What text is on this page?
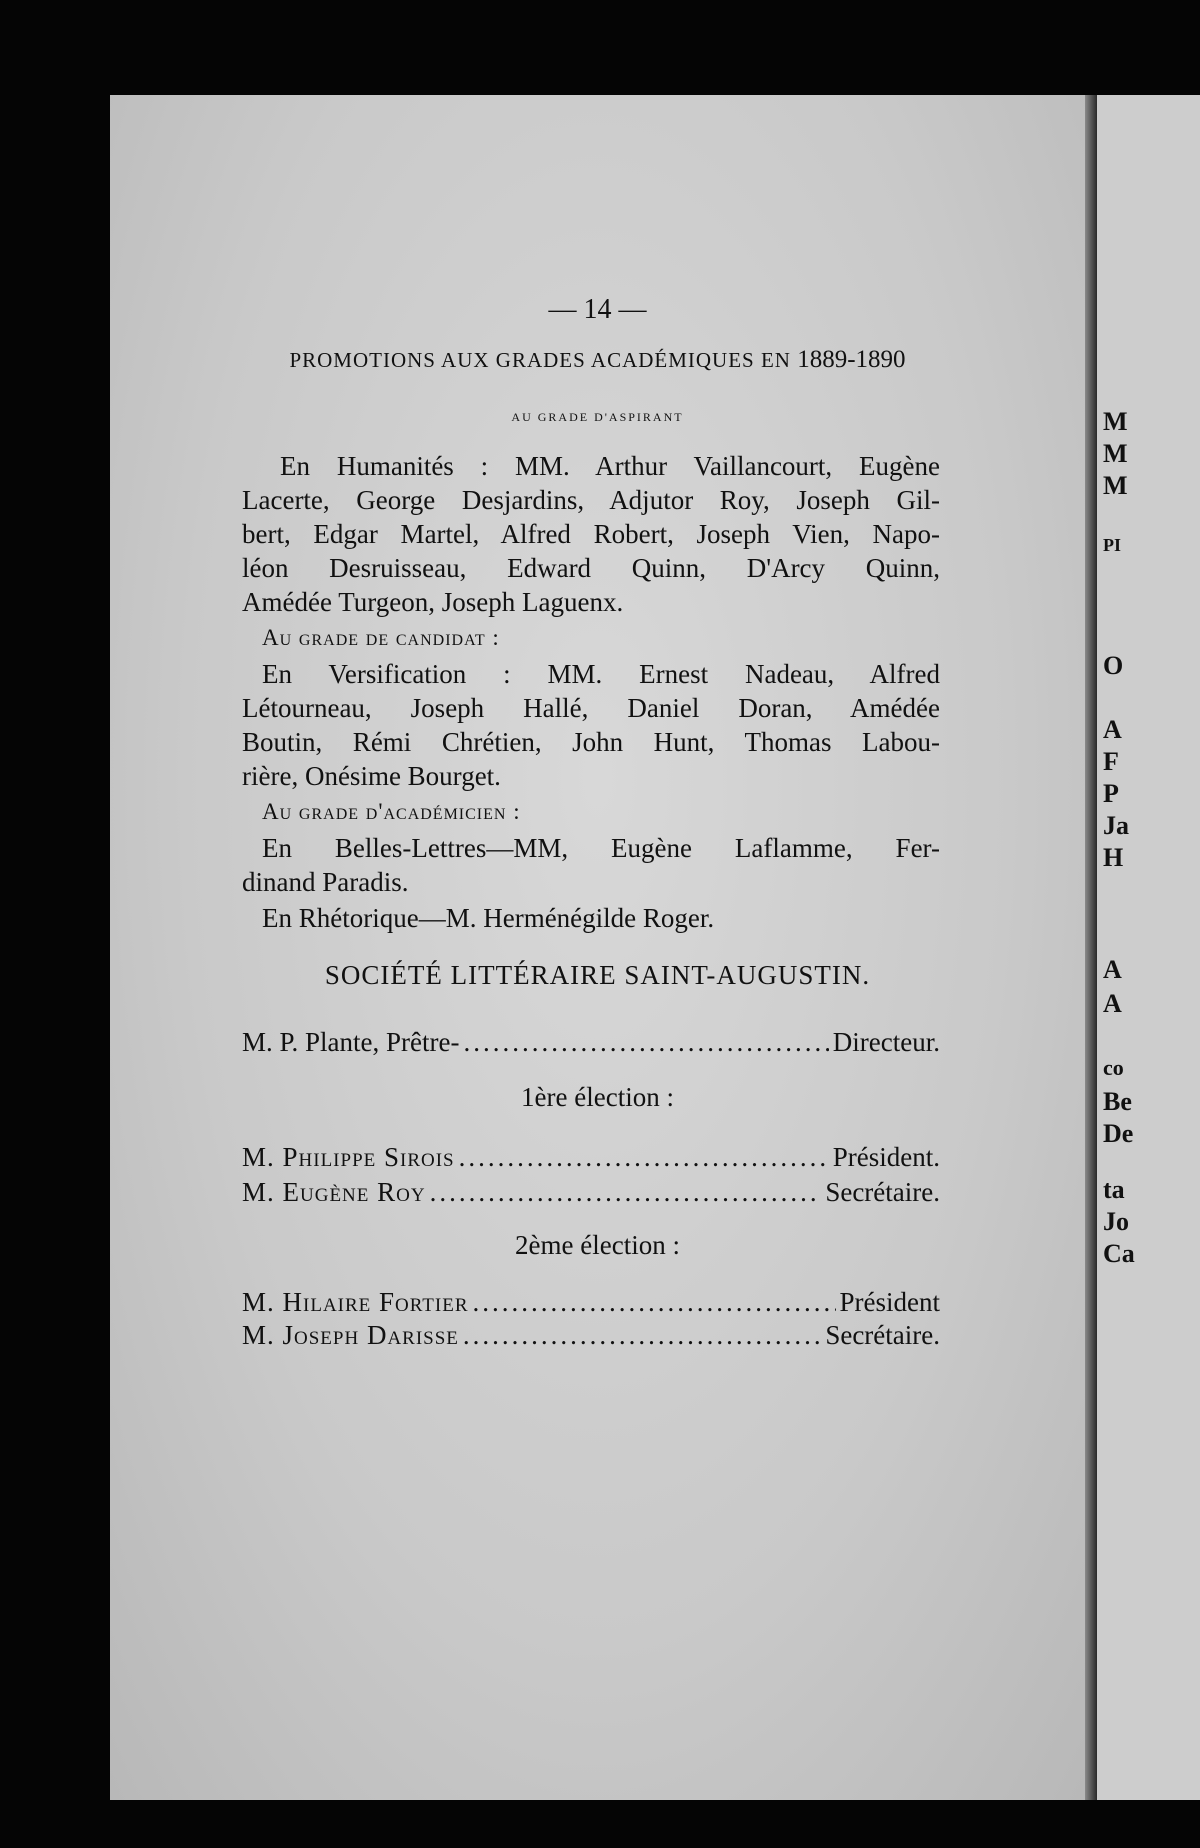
— 14 —
PROMOTIONS AUX GRADES ACADÉMIQUES EN 1889-1890
AU GRADE D'ASPIRANT
En Humanités : MM. Arthur Vaillancourt, Eugène
Lacerte, George Desjardins, Adjutor Roy, Joseph Gil-
bert, Edgar Martel, Alfred Robert, Joseph Vien, Napo-
léon Desruisseau, Edward Quinn, D'Arcy Quinn,
Amédée Turgeon, Joseph Laguenx.
Au grade de candidat :
En Versification : MM. Ernest Nadeau, Alfred
Létourneau, Joseph Hallé, Daniel Doran, Amédée
Boutin, Rémi Chrétien, John Hunt, Thomas Labou-
rière, Onésime Bourget.
Au grade d'académicien :
En Belles-Lettres—MM, Eugène Laflamme, Fer-
dinand Paradis.
En Rhétorique—M. Herménégilde Roger.
SOCIÉTÉ LITTÉRAIRE SAINT-AUGUSTIN.
M. P. Plante, Prêtre- .....	Directeur.
1ère élection :
M. Philippe Sirois .....	Président.
M. Eugène Roy .....	Secrétaire.
2ème élection :
M. Hilaire Fortier .....	Président
M. Joseph Darisse .....	Secrétaire.
M
M
M
PI
O
A
F
P
Ja
H
A
A
co
Be
De
ta
Jo
Ca
